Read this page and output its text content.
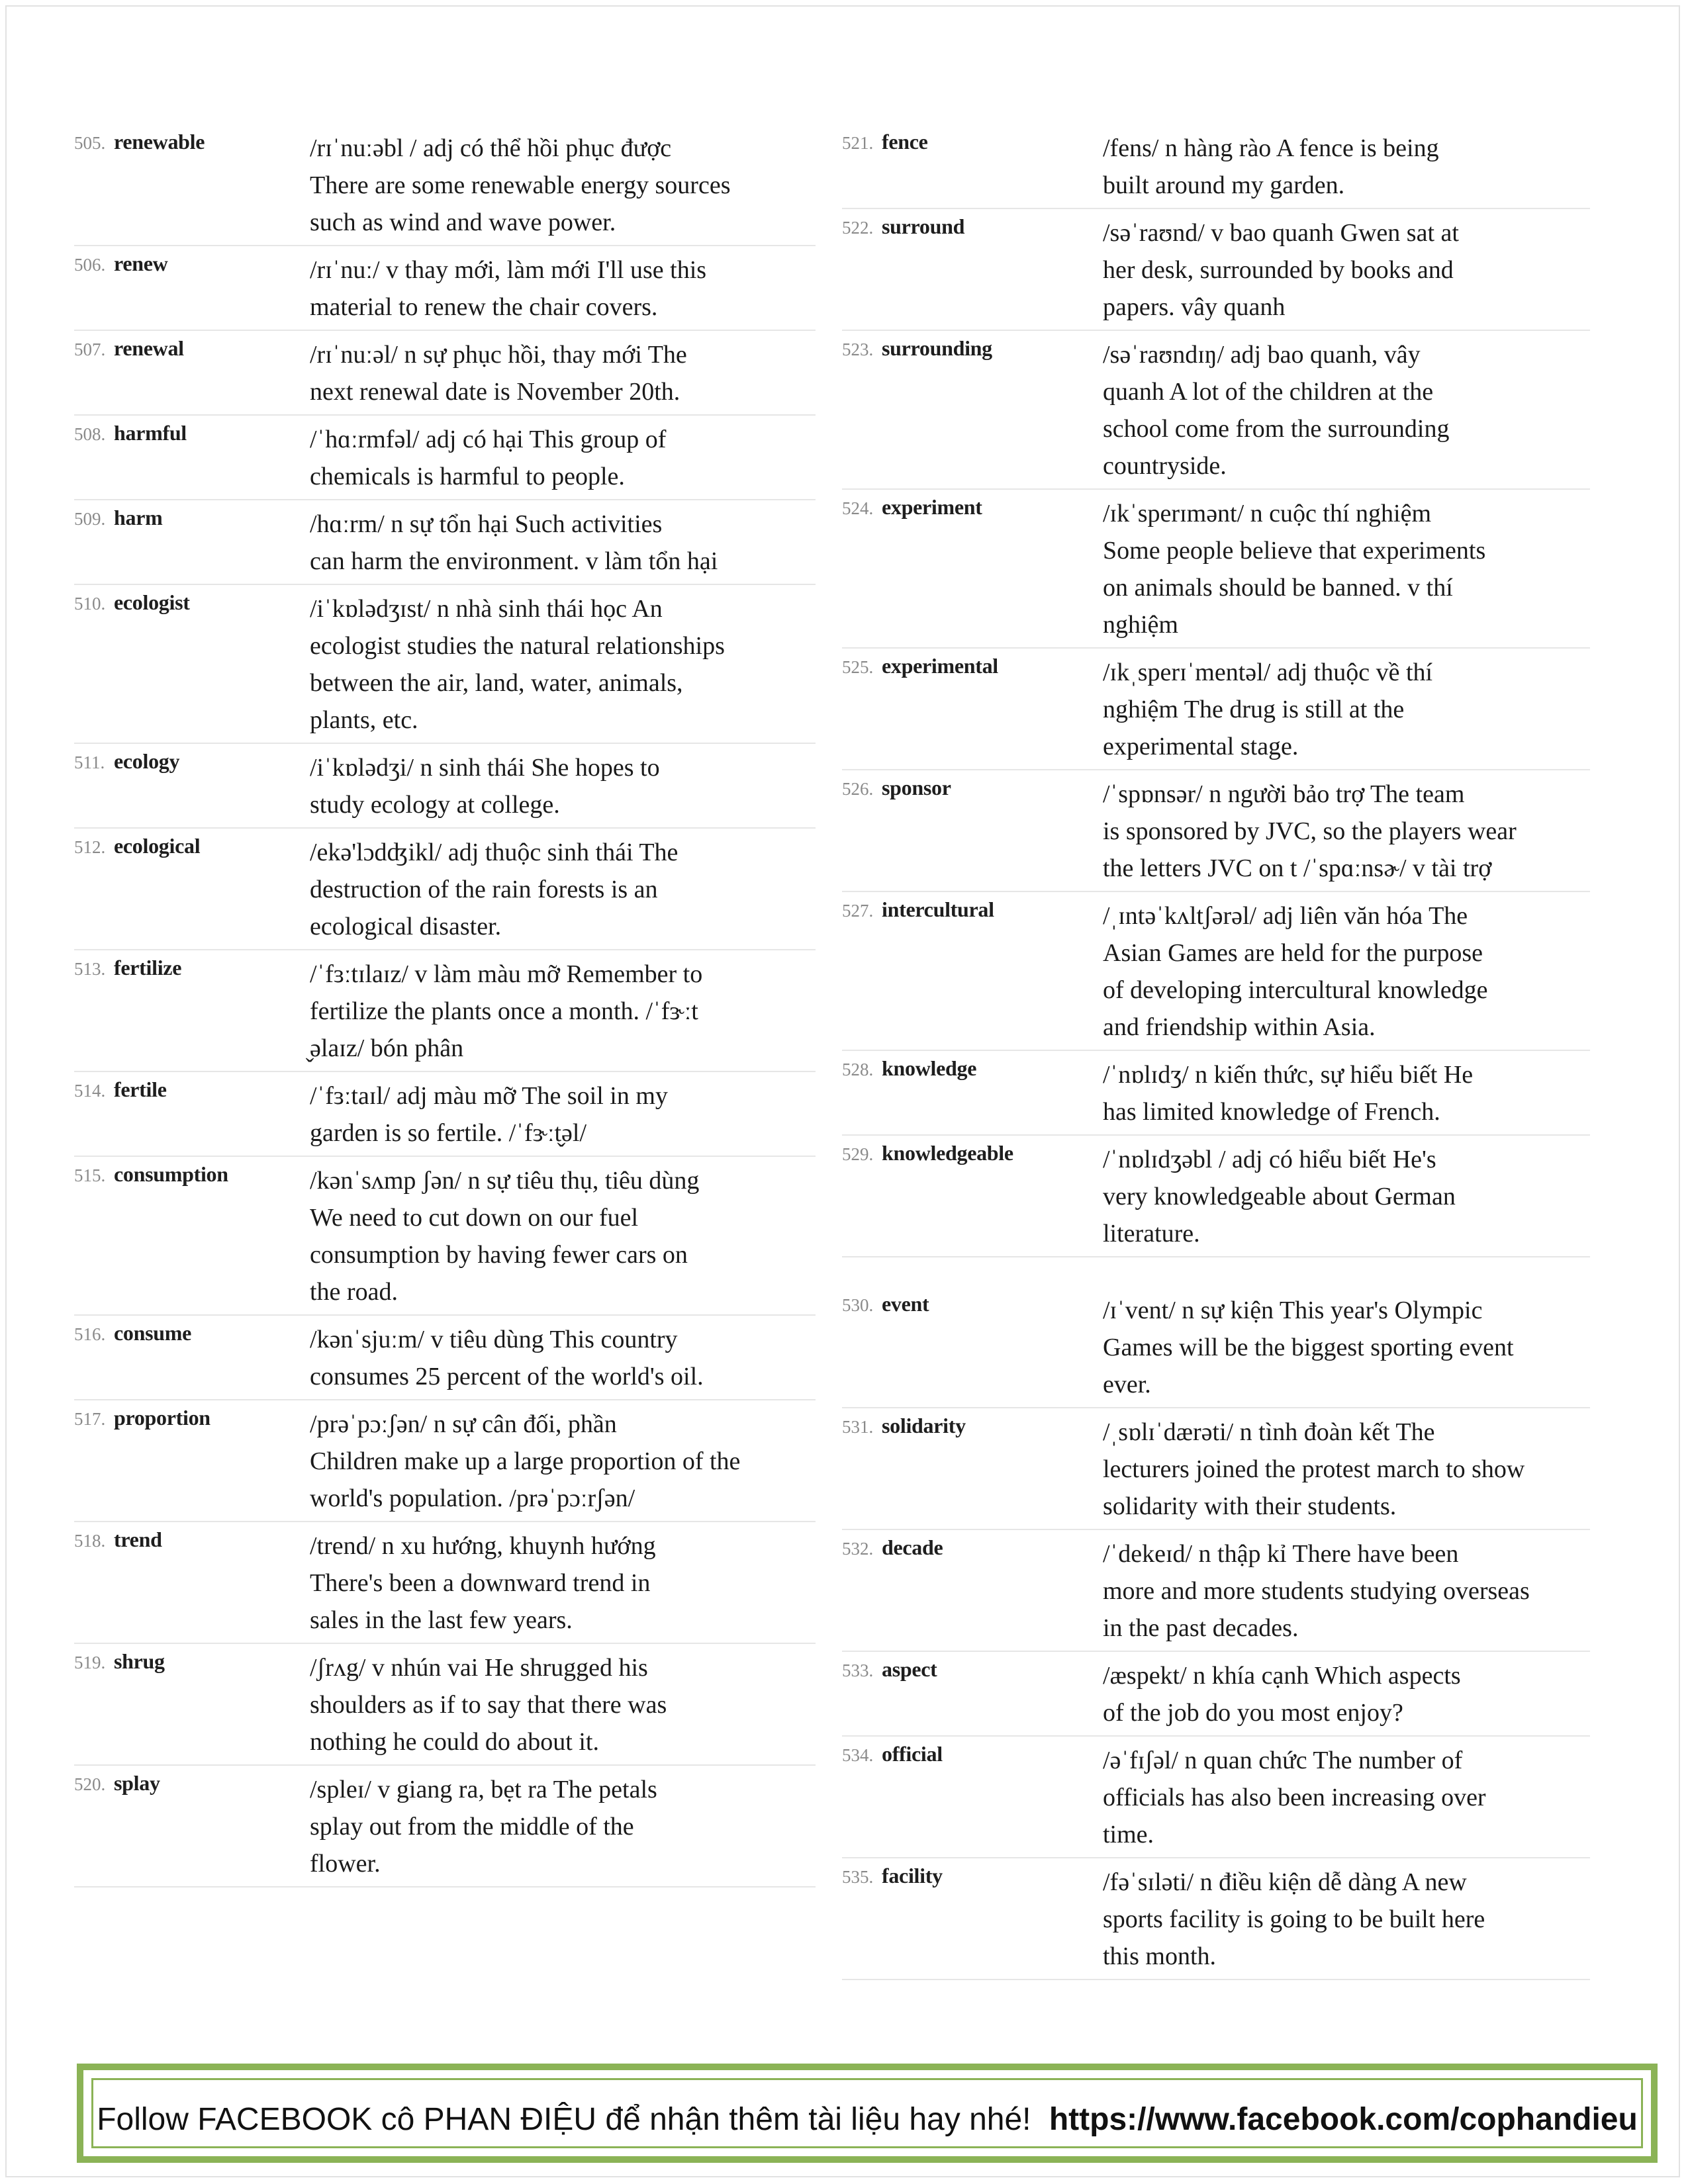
505. renewable	/rɪˈnuːəbl / adj có thể hồi phục được
There are some renewable energy sources
such as wind and wave power.
506. renew	/rɪˈnuː/ v thay mới, làm mới I'll use this
material to renew the chair covers.
507. renewal	/rɪˈnuːəl/ n sự phục hồi, thay mới The
next renewal date is November 20th.
508. harmful	/ˈhɑːrmfəl/ adj có hại This group of
chemicals is harmful to people.
509. harm	/hɑːrm/ n sự tổn hại Such activities
can harm the environment. v làm tổn hại
510. ecologist	/iˈkɒlədʒɪst/ n nhà sinh thái học An
ecologist studies the natural relationships
between the air, land, water, animals,
plants, etc.
511. ecology	/iˈkɒlədʒi/ n sinh thái She hopes to
study ecology at college.
512. ecological	/ekə'lɔdʤikl/ adj thuộc sinh thái The
destruction of the rain forests is an
ecological disaster.
513. fertilize	/ˈfɜːtɪlaɪz/ v làm màu mỡ Remember to
fertilize the plants once a month. /ˈfɝːt
̬əlaɪz/ bón phân
514. fertile	/ˈfɜːtaɪl/ adj màu mỡ The soil in my
garden is so fertile. /ˈfɝːt̬əl/
515. consumption	/kənˈsʌmp ʃən/ n sự tiêu thụ, tiêu dùng
We need to cut down on our fuel
consumption by having fewer cars on
the road.
516. consume	/kənˈsjuːm/ v tiêu dùng This country
consumes 25 percent of the world's oil.
517. proportion	/prəˈpɔːʃən/ n sự cân đối, phần
Children make up a large proportion of the
world's population. /prəˈpɔːrʃən/
518. trend	/trend/ n xu hướng, khuynh hướng
There's been a downward trend in
sales in the last few years.
519. shrug	/ʃrʌg/ v nhún vai He shrugged his
shoulders as if to say that there was
nothing he could do about it.
520. splay	/spleɪ/ v giang ra, bẹt ra The petals
splay out from the middle of the
flower.
521. fence	/fens/ n hàng rào A fence is being
built around my garden.
522. surround	/səˈraʊnd/ v bao quanh Gwen sat at
her desk, surrounded by books and
papers. vây quanh
523. surrounding	/səˈraʊndɪŋ/ adj bao quanh, vây
quanh A lot of the children at the
school come from the surrounding
countryside.
524. experiment	/ɪkˈsperɪmənt/ n cuộc thí nghiệm
Some people believe that experiments
on animals should be banned. v thí
nghiệm
525. experimental	/ɪkˌsperɪˈmentəl/ adj thuộc về thí
nghiệm The drug is still at the
experimental stage.
526. sponsor	/ˈspɒnsər/ n người bảo trợ The team
is sponsored by JVC, so the players wear
the letters JVC on t /ˈspɑːnsɚ/ v tài trợ
527. intercultural	/ˌɪntəˈkʌltʃərəl/ adj liên văn hóa The
Asian Games are held for the purpose
of developing intercultural knowledge
and friendship within Asia.
528. knowledge	/ˈnɒlɪdʒ/ n kiến thức, sự hiểu biết He
has limited knowledge of French.
529. knowledgeable	/ˈnɒlɪdʒəbl / adj có hiểu biết He's
very knowledgeable about German
literature.
530. event	/ɪˈvent/ n sự kiện This year's Olympic
Games will be the biggest sporting event
ever.
531. solidarity	/ˌsɒlɪˈdærəti/ n tình đoàn kết The
lecturers joined the protest march to show
solidarity with their students.
532. decade	/ˈdekeɪd/ n thập kỉ There have been
more and more students studying overseas
in the past decades.
533. aspect	/æspekt/ n khía cạnh Which aspects
of the job do you most enjoy?
534. official	/əˈfɪʃəl/ n quan chức The number of
officials has also been increasing over
time.
535. facility	/fəˈsɪləti/ n điều kiện dễ dàng A new
sports facility is going to be built here
this month.
Follow FACEBOOK cô PHAN ĐIỆU để nhận thêm tài liệu hay nhé! https://www.facebook.com/cophandieu
